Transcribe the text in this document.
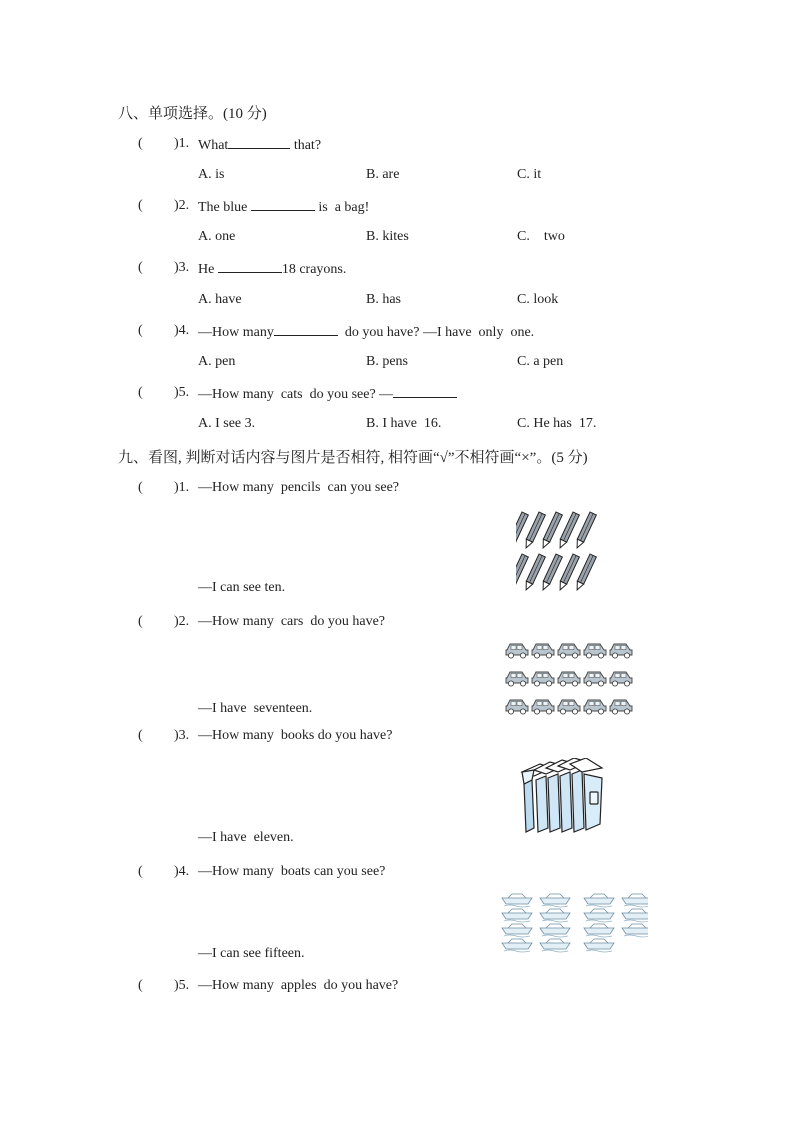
八、单项选择。(10 分)
( )1. What	that?
A. is	B. are	C. it
( )2. The blue	is  a bag!
A. one	B. kites	C.    two
( )3. He	18 crayons.
A. have	B. has	C. look
( )4. —How many	do you have? —I have  only  one.
A. pen	B. pens	C. a pen
( )5. —How many  cats  do you see? —
A. I see 3.	B. I have  16.	C. He has  17.
九、看图, 判断对话内容与图片是否相符, 相符画“√”不相符画“×”。(5 分)
( )1. —How many  pencils  can you see?
—I can see ten.
( )2. —How many  cars  do you have?
—I have  seventeen.
( )3. —How many  books do you have?
—I have  eleven.
( )4. —How many  boats can you see?
—I can see fifteen.
( )5. —How many  apples  do you have?
